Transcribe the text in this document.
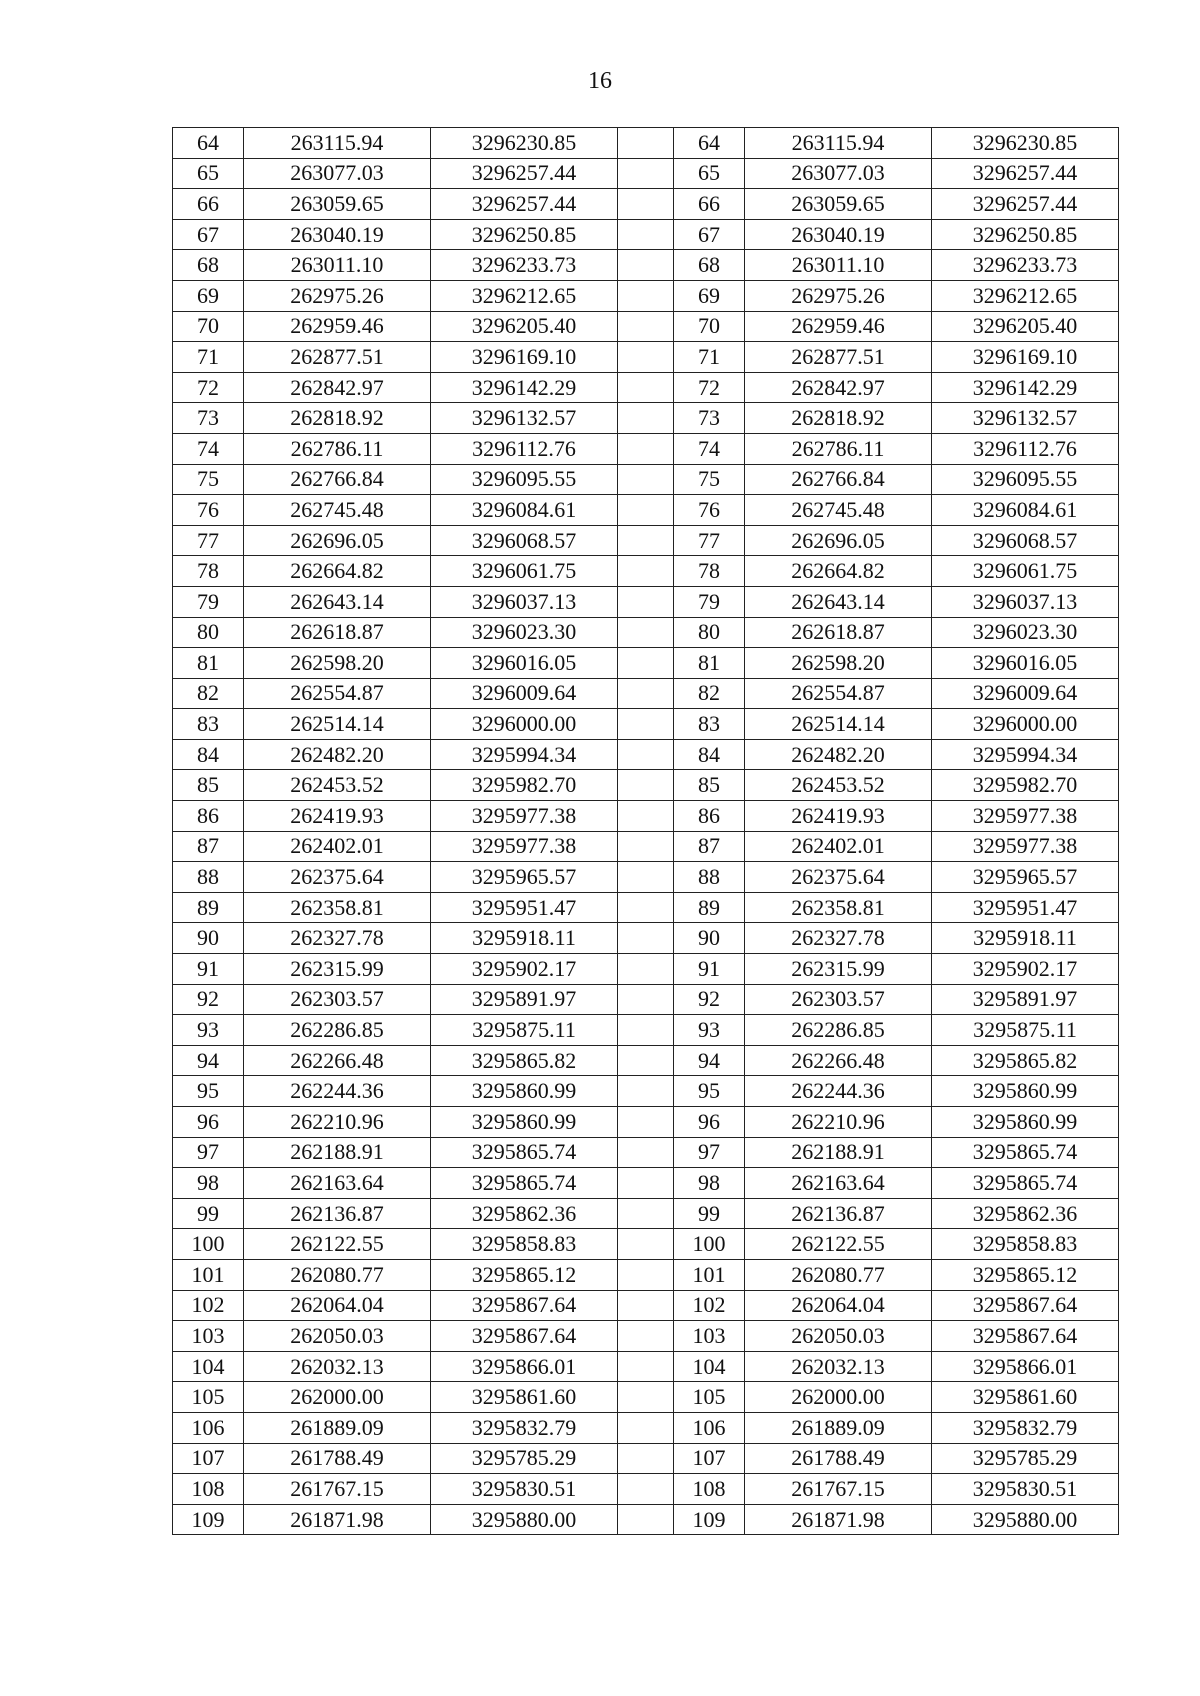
16
64	263115.94	3296230.85		64	263115.94	3296230.85
65	263077.03	3296257.44		65	263077.03	3296257.44
66	263059.65	3296257.44		66	263059.65	3296257.44
67	263040.19	3296250.85		67	263040.19	3296250.85
68	263011.10	3296233.73		68	263011.10	3296233.73
69	262975.26	3296212.65		69	262975.26	3296212.65
70	262959.46	3296205.40		70	262959.46	3296205.40
71	262877.51	3296169.10		71	262877.51	3296169.10
72	262842.97	3296142.29		72	262842.97	3296142.29
73	262818.92	3296132.57		73	262818.92	3296132.57
74	262786.11	3296112.76		74	262786.11	3296112.76
75	262766.84	3296095.55		75	262766.84	3296095.55
76	262745.48	3296084.61		76	262745.48	3296084.61
77	262696.05	3296068.57		77	262696.05	3296068.57
78	262664.82	3296061.75		78	262664.82	3296061.75
79	262643.14	3296037.13		79	262643.14	3296037.13
80	262618.87	3296023.30		80	262618.87	3296023.30
81	262598.20	3296016.05		81	262598.20	3296016.05
82	262554.87	3296009.64		82	262554.87	3296009.64
83	262514.14	3296000.00		83	262514.14	3296000.00
84	262482.20	3295994.34		84	262482.20	3295994.34
85	262453.52	3295982.70		85	262453.52	3295982.70
86	262419.93	3295977.38		86	262419.93	3295977.38
87	262402.01	3295977.38		87	262402.01	3295977.38
88	262375.64	3295965.57		88	262375.64	3295965.57
89	262358.81	3295951.47		89	262358.81	3295951.47
90	262327.78	3295918.11		90	262327.78	3295918.11
91	262315.99	3295902.17		91	262315.99	3295902.17
92	262303.57	3295891.97		92	262303.57	3295891.97
93	262286.85	3295875.11		93	262286.85	3295875.11
94	262266.48	3295865.82		94	262266.48	3295865.82
95	262244.36	3295860.99		95	262244.36	3295860.99
96	262210.96	3295860.99		96	262210.96	3295860.99
97	262188.91	3295865.74		97	262188.91	3295865.74
98	262163.64	3295865.74		98	262163.64	3295865.74
99	262136.87	3295862.36		99	262136.87	3295862.36
100	262122.55	3295858.83		100	262122.55	3295858.83
101	262080.77	3295865.12		101	262080.77	3295865.12
102	262064.04	3295867.64		102	262064.04	3295867.64
103	262050.03	3295867.64		103	262050.03	3295867.64
104	262032.13	3295866.01		104	262032.13	3295866.01
105	262000.00	3295861.60		105	262000.00	3295861.60
106	261889.09	3295832.79		106	261889.09	3295832.79
107	261788.49	3295785.29		107	261788.49	3295785.29
108	261767.15	3295830.51		108	261767.15	3295830.51
109	261871.98	3295880.00		109	261871.98	3295880.00
